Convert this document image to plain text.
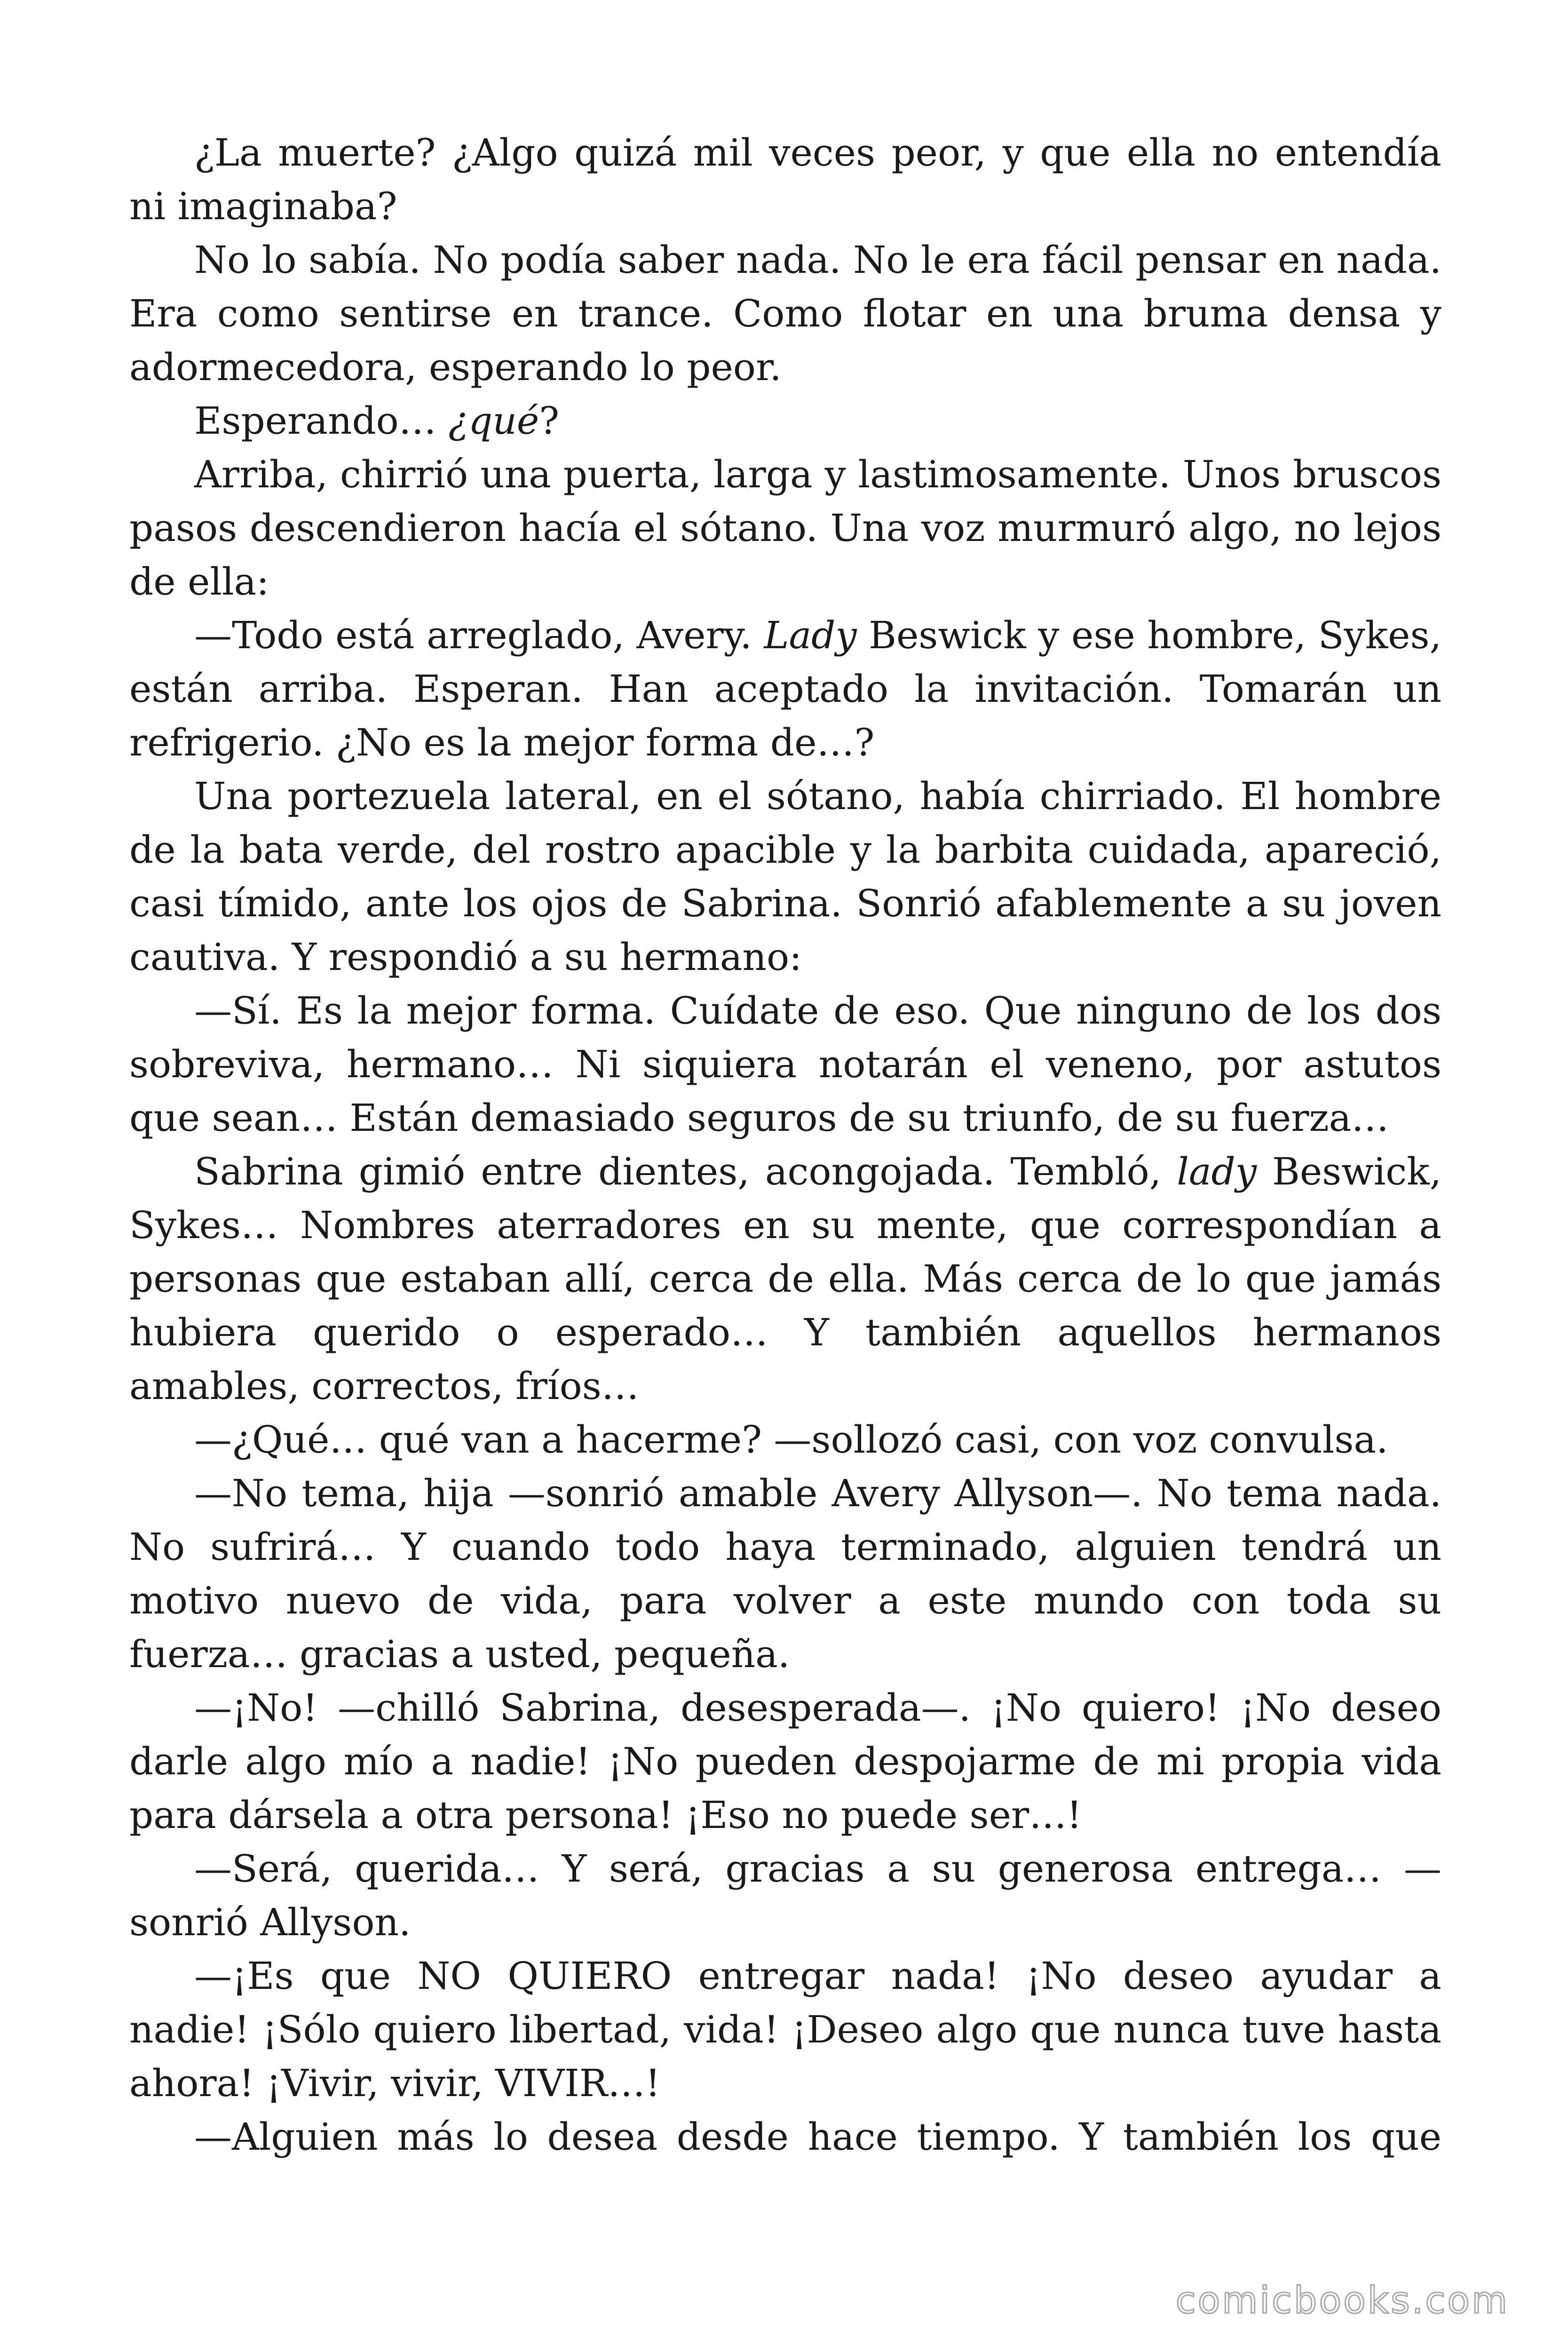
¿La muerte? ¿Algo quizá mil veces peor, y que ella no entendía ni imaginaba?

No lo sabía. No podía saber nada. No le era fácil pensar en nada. Era como sentirse en trance. Como flotar en una bruma densa y adormecedora, esperando lo peor.

Esperando… ¿qué?

Arriba, chirrió una puerta, larga y lastimosamente. Unos bruscos pasos descendieron hacía el sótano. Una voz murmuró algo, no lejos de ella:

—Todo está arreglado, Avery. Lady Beswick y ese hombre, Sykes, están arriba. Esperan. Han aceptado la invitación. Tomarán un refrigerio. ¿No es la mejor forma de…?

Una portezuela lateral, en el sótano, había chirriado. El hombre de la bata verde, del rostro apacible y la barbita cuidada, apareció, casi tímido, ante los ojos de Sabrina. Sonrió afablemente a su joven cautiva. Y respondió a su hermano:

—Sí. Es la mejor forma. Cuídate de eso. Que ninguno de los dos sobreviva, hermano… Ni siquiera notarán el veneno, por astutos que sean… Están demasiado seguros de su triunfo, de su fuerza…

Sabrina gimió entre dientes, acongojada. Tembló, lady Beswick, Sykes… Nombres aterradores en su mente, que correspondían a personas que estaban allí, cerca de ella. Más cerca de lo que jamás hubiera querido o esperado… Y también aquellos hermanos amables, correctos, fríos…

—¿Qué… qué van a hacerme? —sollozó casi, con voz convulsa.

—No tema, hija —sonrió amable Avery Allyson—. No tema nada. No sufrirá… Y cuando todo haya terminado, alguien tendrá un motivo nuevo de vida, para volver a este mundo con toda su fuerza… gracias a usted, pequeña.

—¡No! —chilló Sabrina, desesperada—. ¡No quiero! ¡No deseo darle algo mío a nadie! ¡No pueden despojarme de mi propia vida para dársela a otra persona! ¡Eso no puede ser…!

—Será, querida… Y será, gracias a su generosa entrega… —sonrió Allyson.

—¡Es que NO QUIERO entregar nada! ¡No deseo ayudar a nadie! ¡Sólo quiero libertad, vida! ¡Deseo algo que nunca tuve hasta ahora! ¡Vivir, vivir, VIVIR…!

—Alguien más lo desea desde hace tiempo. Y también los que

comicbooks.com
